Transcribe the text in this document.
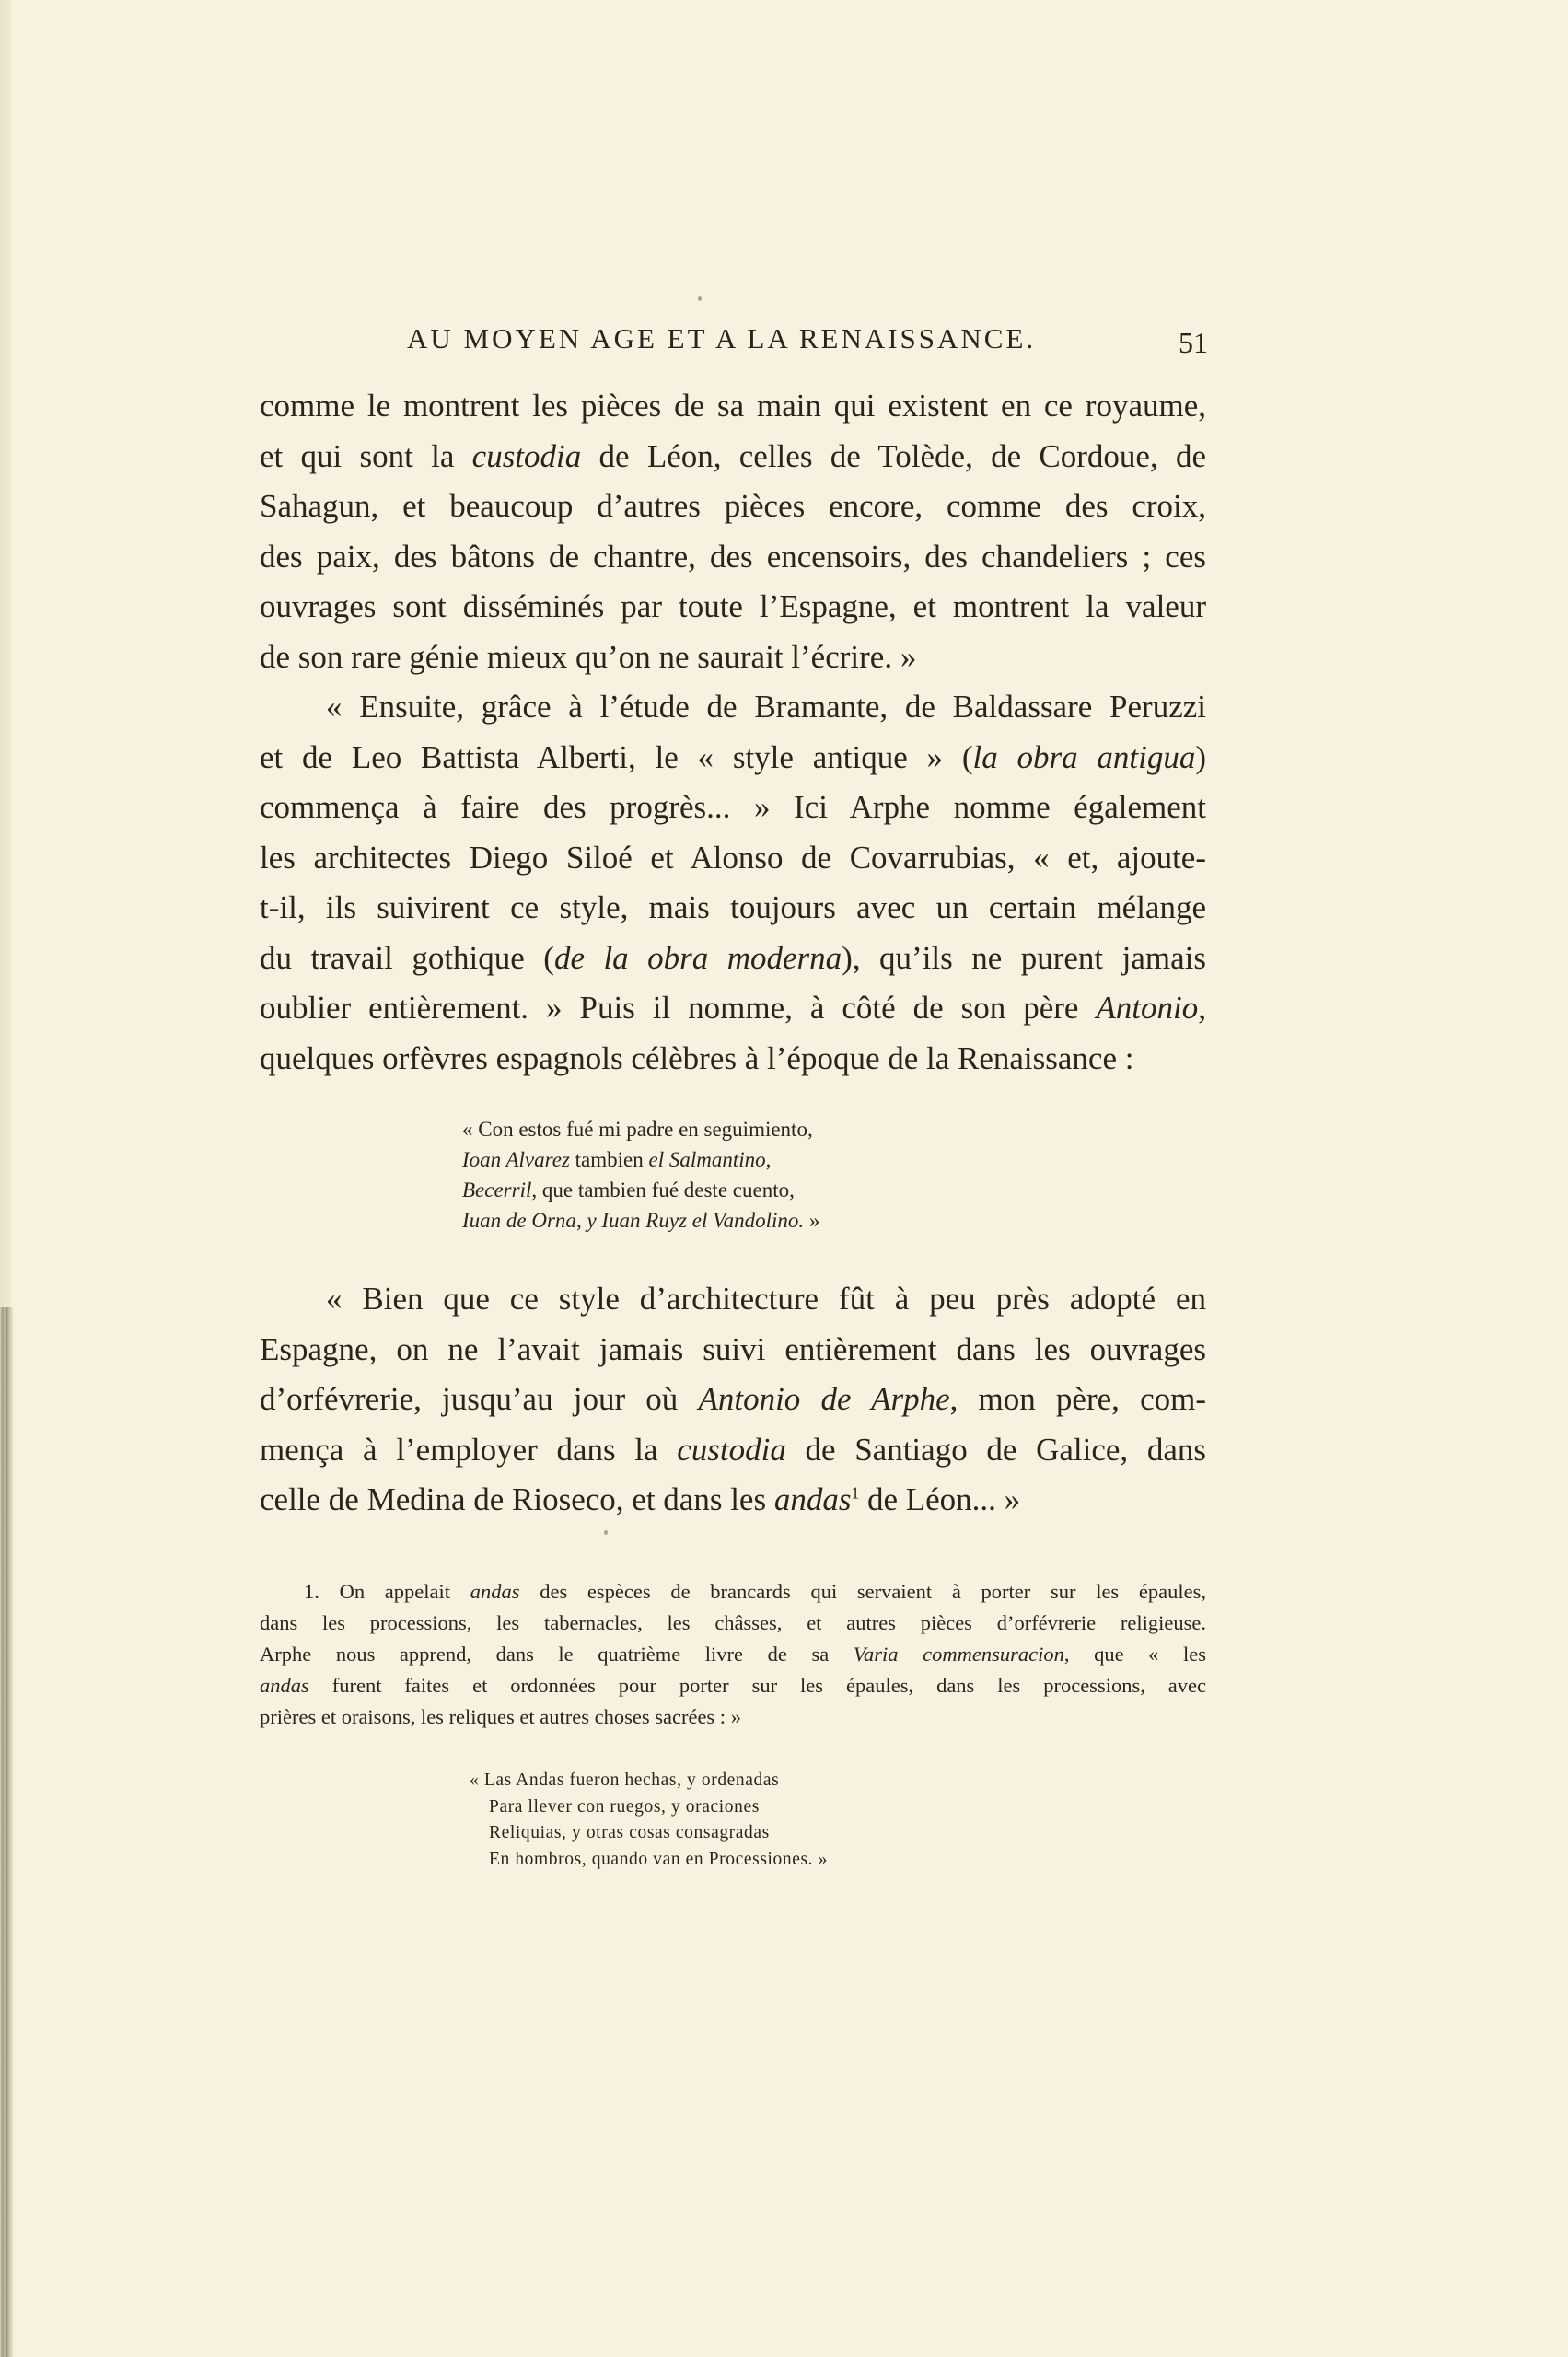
AU MOYEN AGE ET A LA RENAISSANCE.	51
comme le montrent les pièces de sa main qui existent en ce royaume,
et qui sont la custodia de Léon, celles de Tolède, de Cordoue, de
Sahagun, et beaucoup d’autres pièces encore, comme des croix,
des paix, des bâtons de chantre, des encensoirs, des chandeliers ; ces
ouvrages sont disséminés par toute l’Espagne, et montrent la valeur
de son rare génie mieux qu’on ne saurait l’écrire. »
« Ensuite, grâce à l’étude de Bramante, de Baldassare Peruzzi
et de Leo Battista Alberti, le « style antique » (la obra antigua)
commença à faire des progrès... » Ici Arphe nomme également
les architectes Diego Siloé et Alonso de Covarrubias, « et, ajoute-
t-il, ils suivirent ce style, mais toujours avec un certain mélange
du travail gothique (de la obra moderna), qu’ils ne purent jamais
oublier entièrement. » Puis il nomme, à côté de son père Antonio,
quelques orfèvres espagnols célèbres à l’époque de la Renaissance :
« Con estos fué mi padre en seguimiento,
Ioan Alvarez tambien el Salmantino,
Becerril, que tambien fué deste cuento,
Iuan de Orna, y Iuan Ruyz el Vandolino. »
« Bien que ce style d’architecture fût à peu près adopté en
Espagne, on ne l’avait jamais suivi entièrement dans les ouvrages
d’orfévrerie, jusqu’au jour où Antonio de Arphe, mon père, com-
mença à l’employer dans la custodia de Santiago de Galice, dans
celle de Medina de Rioseco, et dans les andas$^1$ de Léon... »
1. On appelait andas des espèces de brancards qui servaient à porter sur les épaules,
dans les processions, les tabernacles, les châsses, et autres pièces d’orfévrerie religieuse.
Arphe nous apprend, dans le quatrième livre de sa Varia commensuracion, que « les
andas furent faites et ordonnées pour porter sur les épaules, dans les processions, avec
prières et oraisons, les reliques et autres choses sacrées : »
« Las Andas fueron hechas, y ordenadas
Para llever con ruegos, y oraciones
Reliquias, y otras cosas consagradas
En hombros, quando van en Processiones. »
